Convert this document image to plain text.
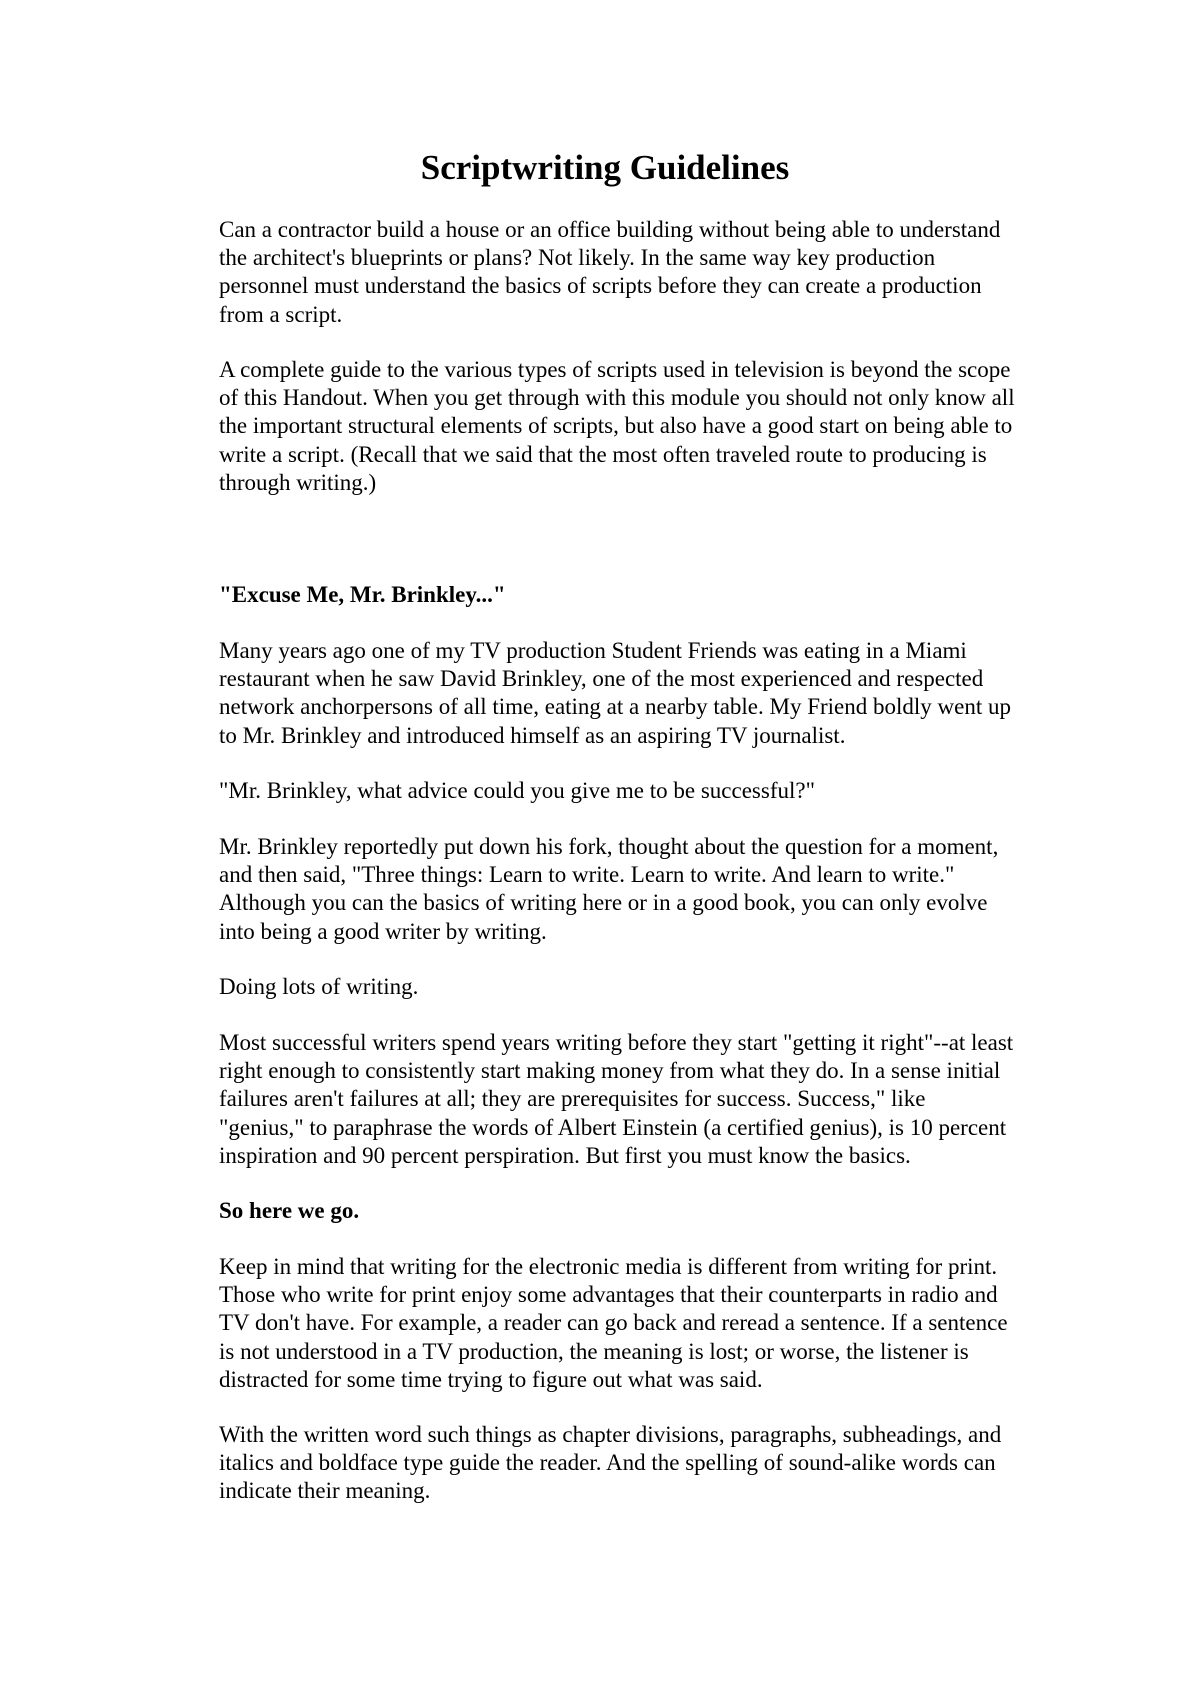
Scriptwriting Guidelines

Can a contractor build a house or an office building without being able to understand
the architect's blueprints or plans? Not likely. In the same way key production
personnel must understand the basics of scripts before they can create a production
from a script.

A complete guide to the various types of scripts used in television is beyond the scope
of this Handout. When you get through with this module you should not only know all
the important structural elements of scripts, but also have a good start on being able to
write a script. (Recall that we said that the most often traveled route to producing is
through writing.)

"Excuse Me, Mr. Brinkley..."

Many years ago one of my TV production Student Friends was eating in a Miami
restaurant when he saw David Brinkley, one of the most experienced and respected
network anchorpersons of all time, eating at a nearby table. My Friend boldly went up
to Mr. Brinkley and introduced himself as an aspiring TV journalist.

"Mr. Brinkley, what advice could you give me to be successful?"

Mr. Brinkley reportedly put down his fork, thought about the question for a moment,
and then said, "Three things: Learn to write. Learn to write. And learn to write."
Although you can the basics of writing here or in a good book, you can only evolve
into being a good writer by writing.

Doing lots of writing.

Most successful writers spend years writing before they start "getting it right"--at least
right enough to consistently start making money from what they do. In a sense initial
failures aren't failures at all; they are prerequisites for success. Success," like
"genius," to paraphrase the words of Albert Einstein (a certified genius), is 10 percent
inspiration and 90 percent perspiration. But first you must know the basics.

So here we go.

Keep in mind that writing for the electronic media is different from writing for print.
Those who write for print enjoy some advantages that their counterparts in radio and
TV don't have. For example, a reader can go back and reread a sentence. If a sentence
is not understood in a TV production, the meaning is lost; or worse, the listener is
distracted for some time trying to figure out what was said.

With the written word such things as chapter divisions, paragraphs, subheadings, and
italics and boldface type guide the reader. And the spelling of sound-alike words can
indicate their meaning.
